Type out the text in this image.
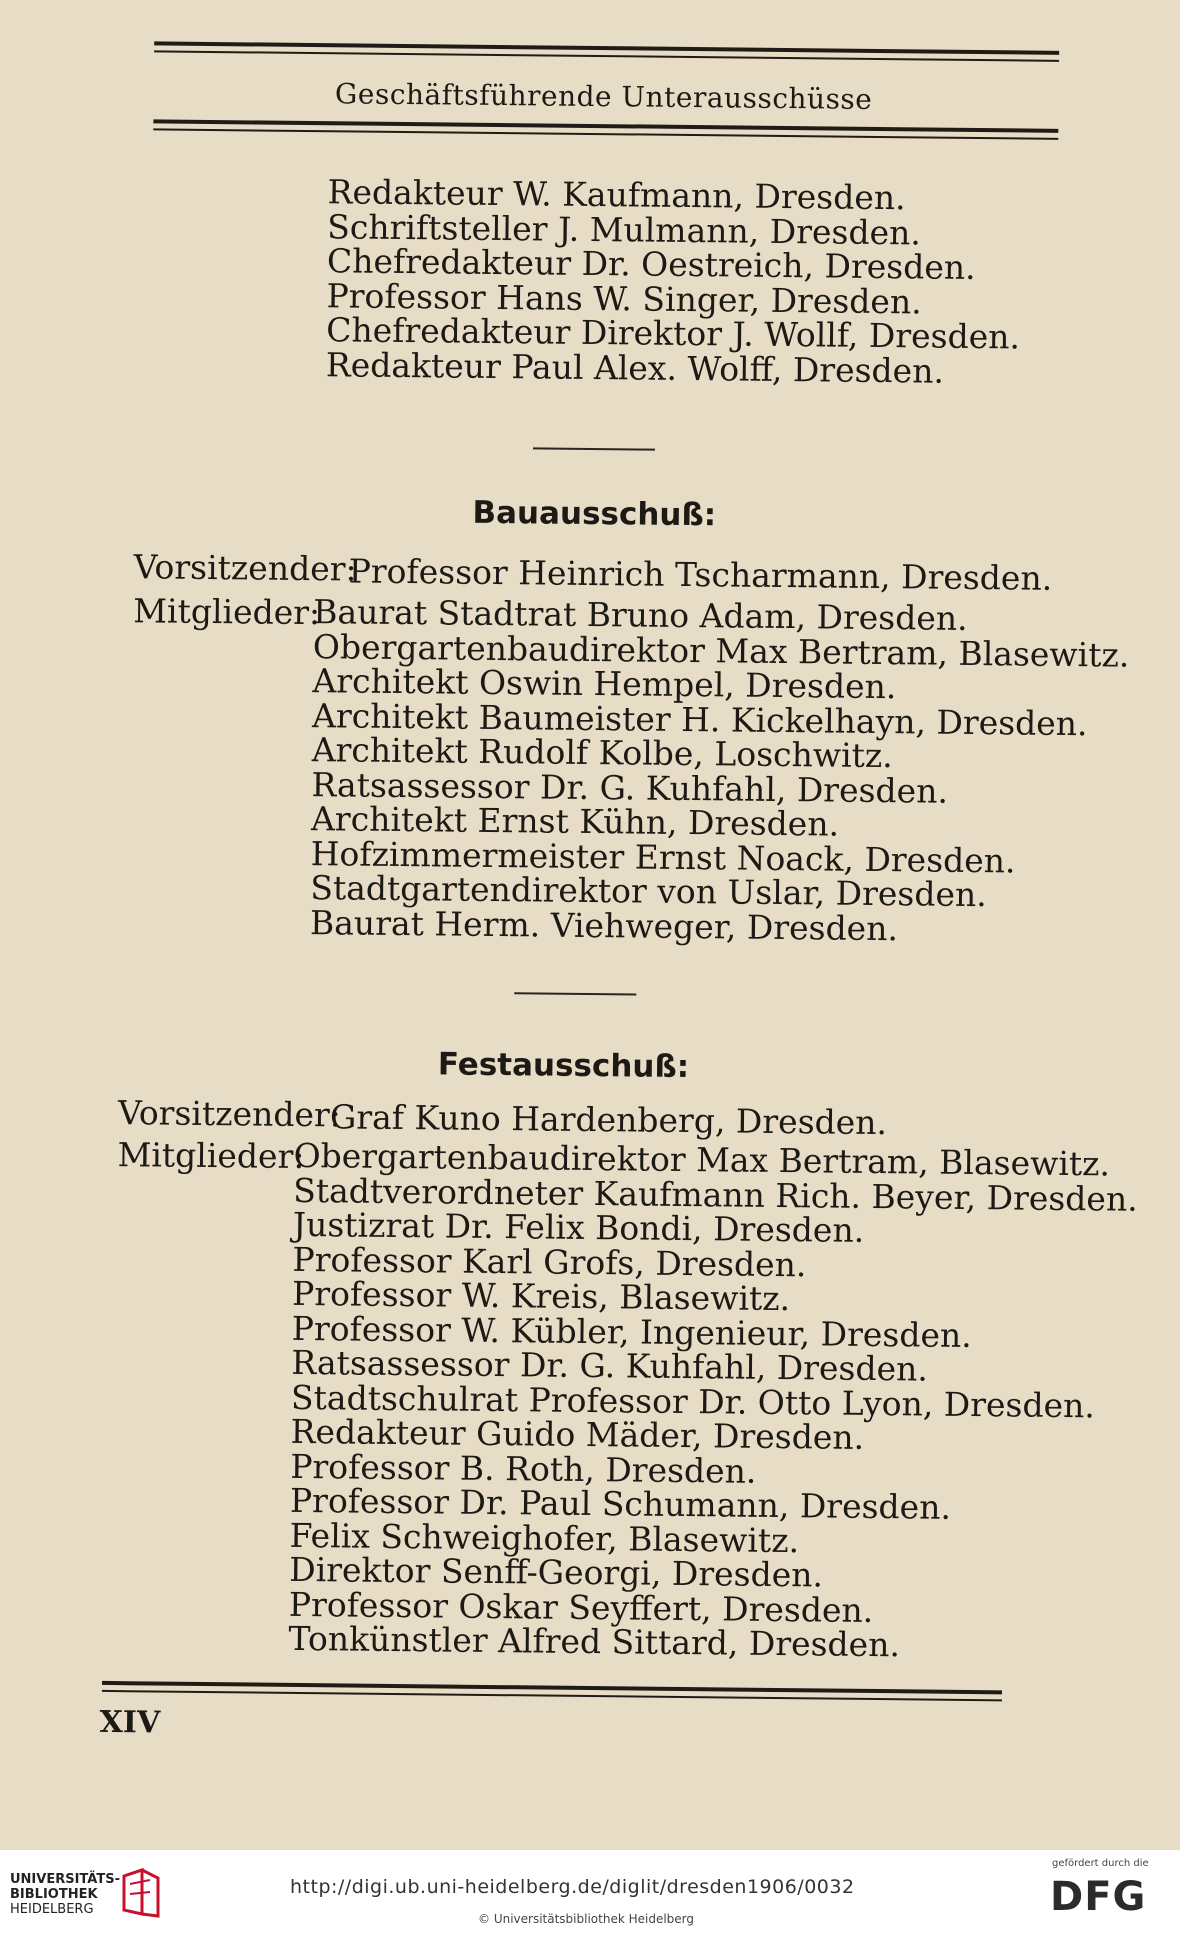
Geschäftsführende Unterausschüsse
Redakteur W. Kaufmann, Dresden.
Schriftsteller J. Mulmann, Dresden.
Chefredakteur Dr. Oestreich, Dresden.
Professor Hans W. Singer, Dresden.
Chefredakteur Direktor J. Wollf, Dresden.
Redakteur Paul Alex. Wolff, Dresden.
Bauausschuß:
Vorsitzender:
Professor Heinrich Tscharmann, Dresden.
Mitglieder:
Baurat Stadtrat Bruno Adam, Dresden.
Obergartenbaudirektor Max Bertram, Blasewitz.
Architekt Oswin Hempel, Dresden.
Architekt Baumeister H. Kickelhayn, Dresden.
Architekt Rudolf Kolbe, Loschwitz.
Ratsassessor Dr. G. Kuhfahl, Dresden.
Architekt Ernst Kühn, Dresden.
Hofzimmermeister Ernst Noack, Dresden.
Stadtgartendirektor von Uslar, Dresden.
Baurat Herm. Viehweger, Dresden.
Festausschuß:
Vorsitzender:
Graf Kuno Hardenberg, Dresden.
Mitglieder:
Obergartenbaudirektor Max Bertram, Blasewitz.
Stadtverordneter Kaufmann Rich. Beyer, Dresden.
Justizrat Dr. Felix Bondi, Dresden.
Professor Karl Grofs, Dresden.
Professor W. Kreis, Blasewitz.
Professor W. Kübler, Ingenieur, Dresden.
Ratsassessor Dr. G. Kuhfahl, Dresden.
Stadtschulrat Professor Dr. Otto Lyon, Dresden.
Redakteur Guido Mäder, Dresden.
Professor B. Roth, Dresden.
Professor Dr. Paul Schumann, Dresden.
Felix Schweighofer, Blasewitz.
Direktor Senff-Georgi, Dresden.
Professor Oskar Seyffert, Dresden.
Tonkünstler Alfred Sittard, Dresden.
XIV
UNIVERSITÄTS-
BIBLIOTHEK
HEIDELBERG
http://digi.ub.uni-heidelberg.de/diglit/dresden1906/0032
© Universitätsbibliothek Heidelberg
gefördert durch die
DFG
